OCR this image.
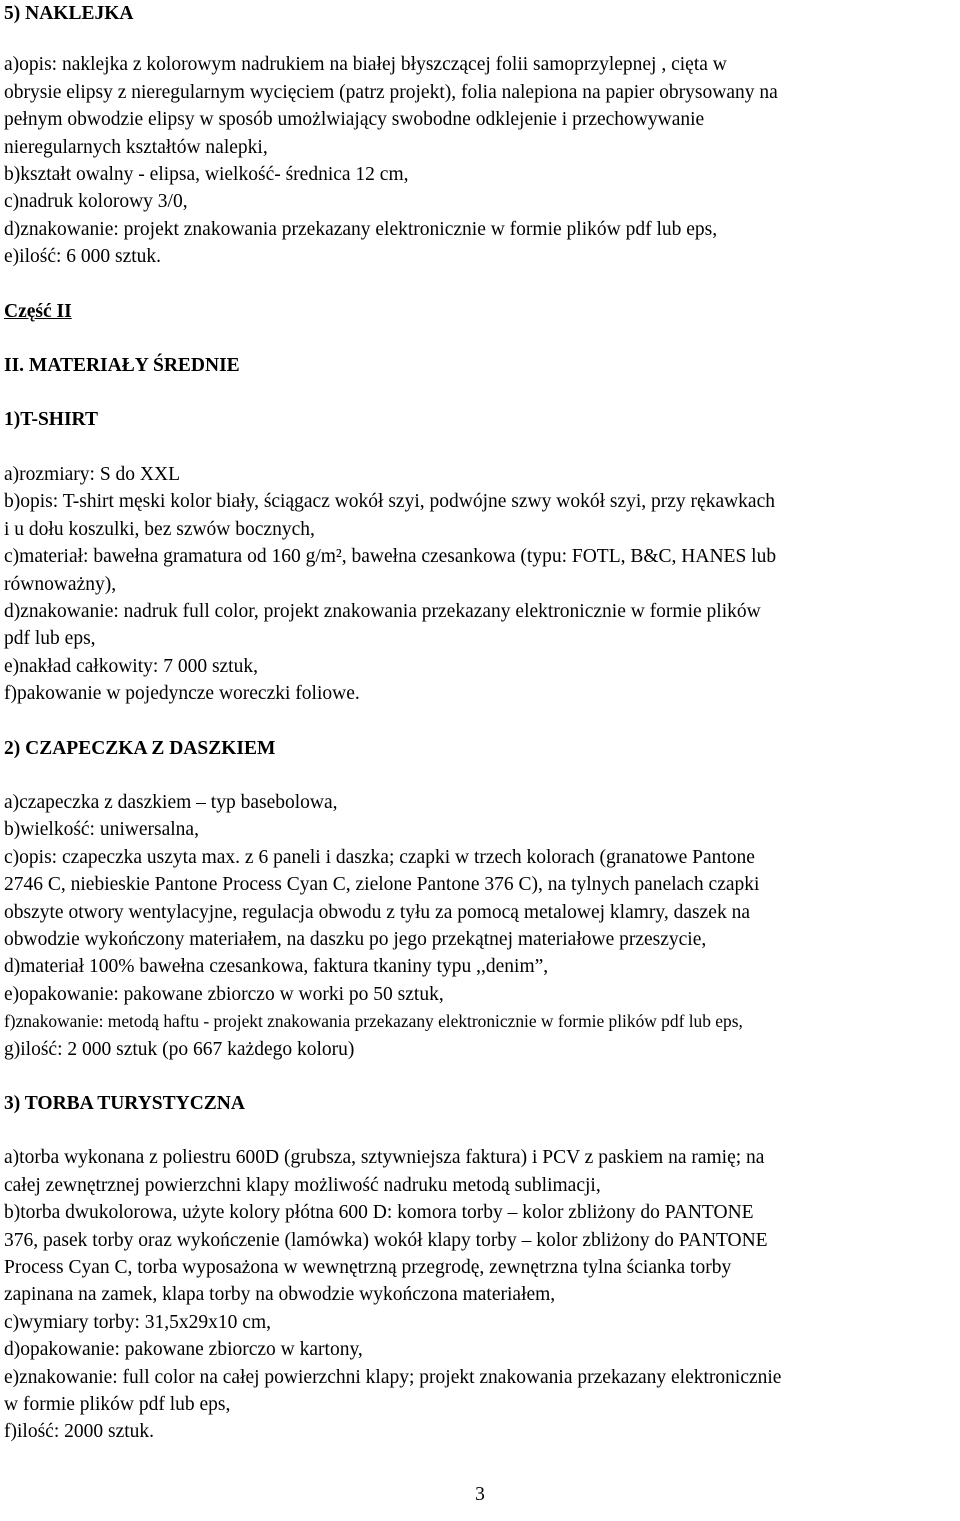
5) NAKLEJKA

a)opis: naklejka z kolorowym nadrukiem na białej błyszczącej folii samoprzylepnej , cięta w

obrysie elipsy z nieregularnym wycięciem (patrz projekt), folia nalepiona na papier obrysowany na

pełnym obwodzie elipsy w sposób umożlwiający swobodne odklejenie i przechowywanie

nieregularnych kształtów nalepki,

b)kształt owalny - elipsa, wielkość- średnica 12 cm,

c)nadruk kolorowy 3/0,

d)znakowanie: projekt znakowania przekazany elektronicznie w formie plików pdf lub eps,

e)ilość: 6 000 sztuk.

Część II

II. MATERIAŁY ŚREDNIE

1)T-SHIRT

a)rozmiary: S do XXL

b)opis: T-shirt męski kolor biały, ściągacz wokół szyi, podwójne szwy wokół szyi, przy rękawkach

i u dołu koszulki, bez szwów bocznych,

c)materiał: bawełna gramatura od 160 g/m², bawełna czesankowa (typu: FOTL, B&C, HANES lub

równoważny),

d)znakowanie: nadruk full color, projekt znakowania przekazany elektronicznie w formie plików

pdf lub eps,

e)nakład całkowity: 7 000 sztuk,

f)pakowanie w pojedyncze woreczki foliowe.

2) CZAPECZKA Z DASZKIEM

a)czapeczka z daszkiem – typ basebolowa,

b)wielkość: uniwersalna,

c)opis: czapeczka uszyta max. z 6 paneli i daszka; czapki w trzech kolorach (granatowe Pantone

2746 C, niebieskie Pantone Process Cyan C, zielone Pantone 376 C), na tylnych panelach czapki

obszyte otwory wentylacyjne, regulacja obwodu z tyłu za pomocą metalowej klamry, daszek na

obwodzie wykończony materiałem, na daszku po jego przekątnej materiałowe przeszycie,

d)materiał 100% bawełna czesankowa, faktura tkaniny typu ,,denim”,

e)opakowanie: pakowane zbiorczo w worki po 50 sztuk,

f)znakowanie: metodą haftu - projekt znakowania przekazany elektronicznie w formie plików pdf lub eps,

g)ilość: 2 000 sztuk (po 667 każdego koloru)

3) TORBA TURYSTYCZNA

a)torba wykonana z poliestru 600D (grubsza, sztywniejsza faktura) i PCV z paskiem na ramię; na

całej zewnętrznej powierzchni klapy możliwość nadruku metodą sublimacji,

b)torba dwukolorowa, użyte kolory płótna 600 D: komora torby – kolor zbliżony do PANTONE

376, pasek torby oraz wykończenie (lamówka) wokół klapy torby – kolor zbliżony do PANTONE

Process Cyan C, torba wyposażona w wewnętrzną przegrodę, zewnętrzna tylna ścianka torby

zapinana na zamek, klapa torby na obwodzie wykończona materiałem,

c)wymiary torby: 31,5x29x10 cm,

d)opakowanie: pakowane zbiorczo w kartony,

e)znakowanie: full color na całej powierzchni klapy; projekt znakowania przekazany elektronicznie

w formie plików pdf lub eps,

f)ilość: 2000 sztuk.

3
